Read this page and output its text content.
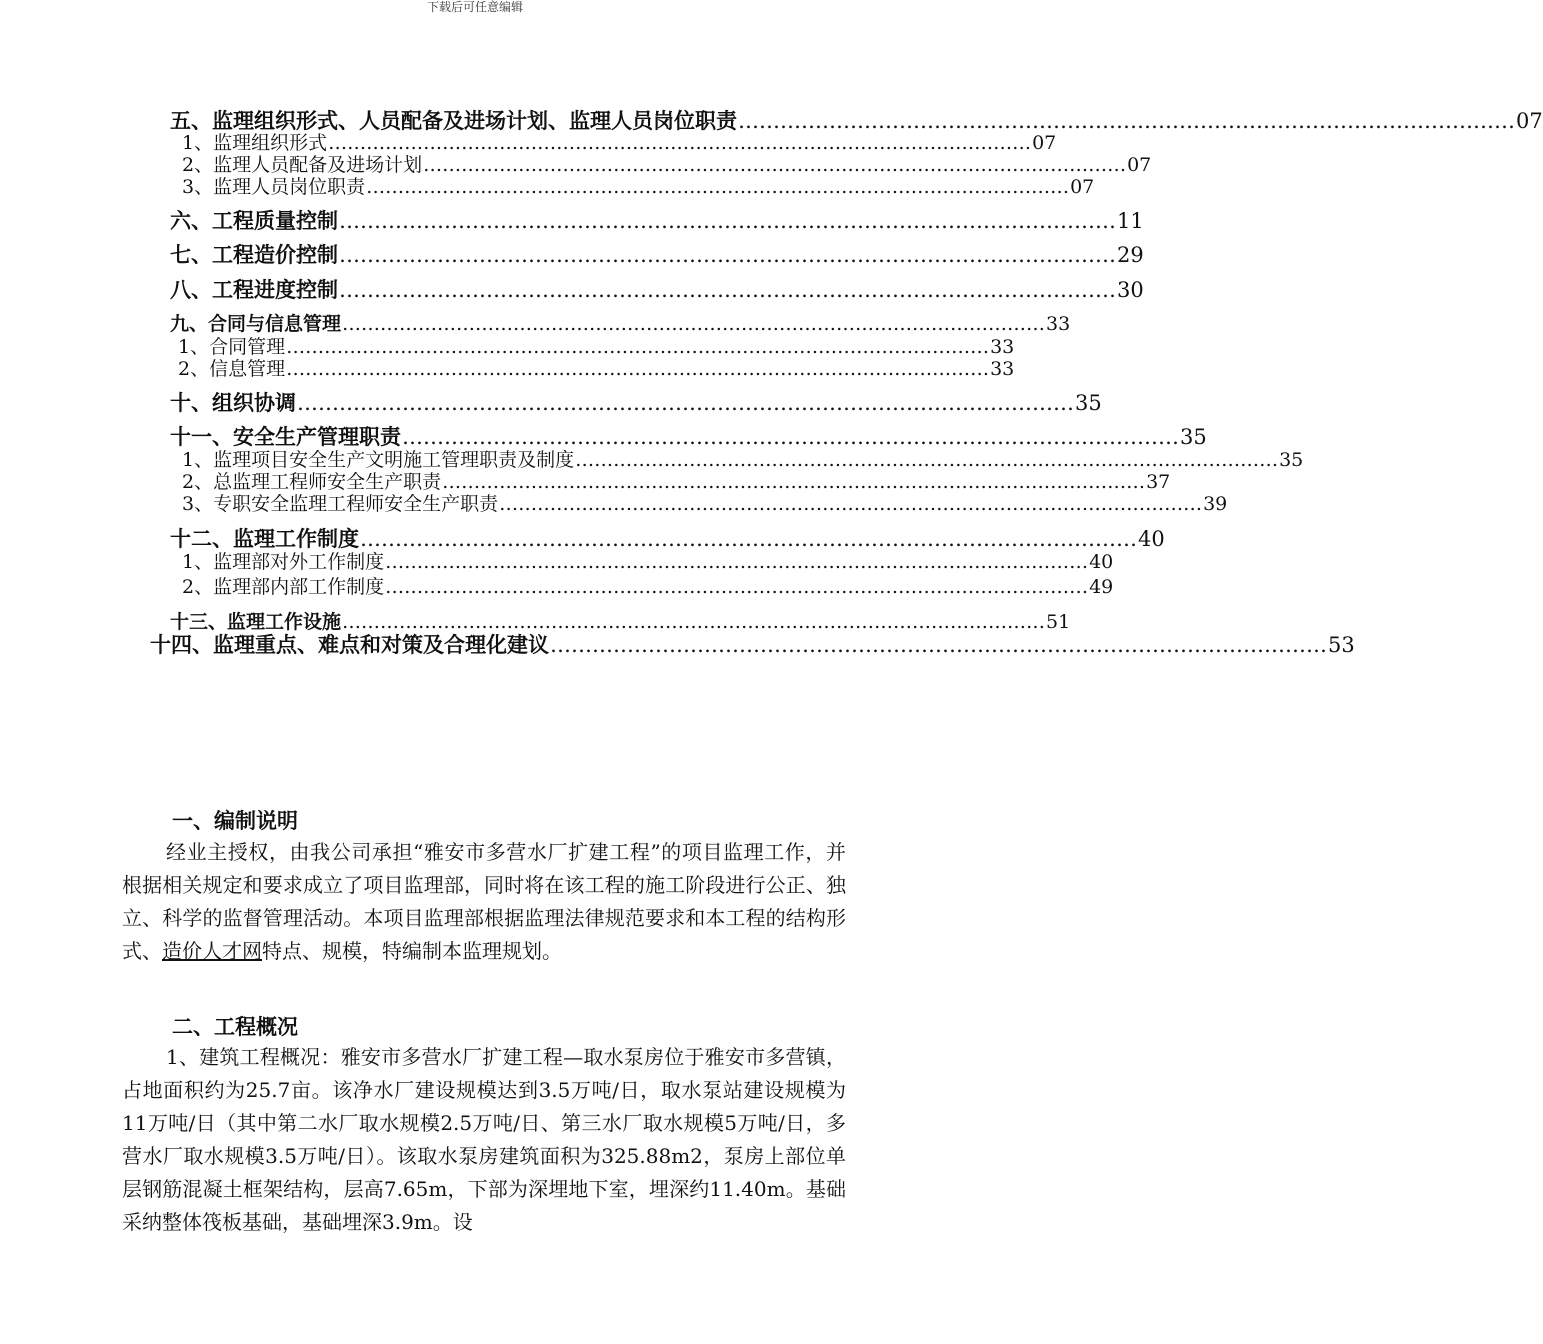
下载后可任意编辑
五、监理组织形式、人员配备及进场计划、监理人员岗位职责 ………………………………………………………………………………………………… 07
1、监理组织形式 ………………………………………………………………………………………………… 07
2、监理人员配备及进场计划 ………………………………………………………………………………………………… 07
3、监理人员岗位职责 ………………………………………………………………………………………………… 07
六、工程质量控制 ………………………………………………………………………………………………… 11
七、工程造价控制 ………………………………………………………………………………………………… 29
八、工程进度控制 ………………………………………………………………………………………………… 30
九、合同与信息管理 ………………………………………………………………………………………………… 33
1、合同管理 ………………………………………………………………………………………………… 33
2、信息管理 ………………………………………………………………………………………………… 33
十、组织协调 ………………………………………………………………………………………………… 35
十一、安全生产管理职责 ………………………………………………………………………………………………… 35
1、监理项目安全生产文明施工管理职责及制度 ………………………………………………………………………………………………… 35
2、总监理工程师安全生产职责 ………………………………………………………………………………………………… 37
3、专职安全监理工程师安全生产职责 ………………………………………………………………………………………………… 39
十二、监理工作制度 ………………………………………………………………………………………………… 40
1、监理部对外工作制度 ………………………………………………………………………………………………… 40
2、监理部内部工作制度 ………………………………………………………………………………………………… 49
十三、监理工作设施 ………………………………………………………………………………………………… 51
十四、监理重点、难点和对策及合理化建议 ………………………………………………………………………………………………… 53
一、编制说明
经业主授权，由我公司承担“雅安市多营水厂扩建工程”的项目监理工作，并根据相关规定和要求成立了项目监理部，同时将在该工程的施工阶段进行公正、独立、科学的监督管理活动。本项目监理部根据监理法律规范要求和本工程的结构形式、造价人才网特点、规模，特编制本监理规划。
二、工程概况
1、建筑工程概况：雅安市多营水厂扩建工程—取水泵房位于雅安市多营镇，占地面积约为25.7亩。该净水厂建设规模达到3.5万吨/日，取水泵站建设规模为11万吨/日（其中第二水厂取水规模2.5万吨/日、第三水厂取水规模5万吨/日，多营水厂取水规模3.5万吨/日）。该取水泵房建筑面积为325.88m2，泵房上部位单层钢筋混凝土框架结构，层高7.65m，下部为深埋地下室，埋深约11.40m。基础采纳整体筏板基础，基础埋深3.9m。设
